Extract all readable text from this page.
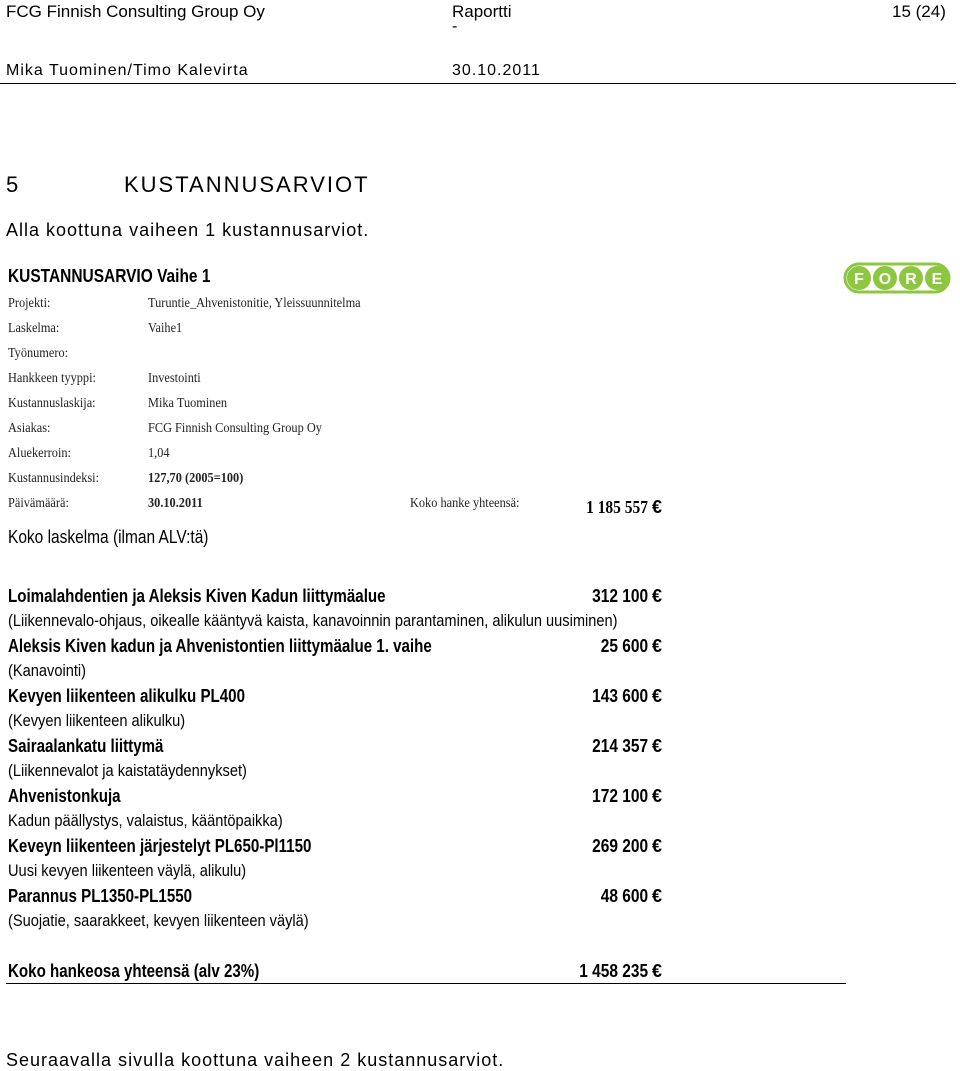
FCG Finnish Consulting Group Oy	Raportti
-
15 (24)
Mika Tuominen/Timo Kalevirta	30.10.2011
5	KUSTANNUSARVIOT
Alla koottuna vaiheen 1 kustannusarviot.
F O R E
KUSTANNUSARVIO Vaihe 1
Projekti:	Turuntie_Ahvenistonitie, Yleissuunnitelma
Laskelma:	Vaihe1
Työnumero:
Hankkeen tyyppi:	Investointi
Kustannuslaskija:	Mika Tuominen
Asiakas:	FCG Finnish Consulting Group Oy
Aluekerroin:	1,04
Kustannusindeksi:	127,70 (2005=100)
Päivämäärä:	30.10.2011	Koko hanke yhteensä:	1 185 557 €
Koko laskelma (ilman ALV:tä)
Loimalahdentien ja Aleksis Kiven Kadun liittymäalue	312 100 €
(Liikennevalo-ohjaus, oikealle kääntyvä kaista, kanavoinnin parantaminen, alikulun uusiminen)
Aleksis Kiven kadun ja Ahvenistontien liittymäalue 1. vaihe	25 600 €
(Kanavointi)
Kevyen liikenteen alikulku PL400	143 600 €
(Kevyen liikenteen alikulku)
Sairaalankatu liittymä	214 357 €
(Liikennevalot ja kaistatäydennykset)
Ahvenistonkuja	172 100 €
Kadun päällystys, valaistus, kääntöpaikka)
Keveyn liikenteen järjestelyt PL650-Pl1150	269 200 €
Uusi kevyen liikenteen väylä, alikulu)
Parannus PL1350-PL1550	48 600 €
(Suojatie, saarakkeet, kevyen liikenteen väylä)
Koko hankeosa yhteensä (alv 23%)	1 458 235 €
Seuraavalla sivulla koottuna vaiheen 2 kustannusarviot.
